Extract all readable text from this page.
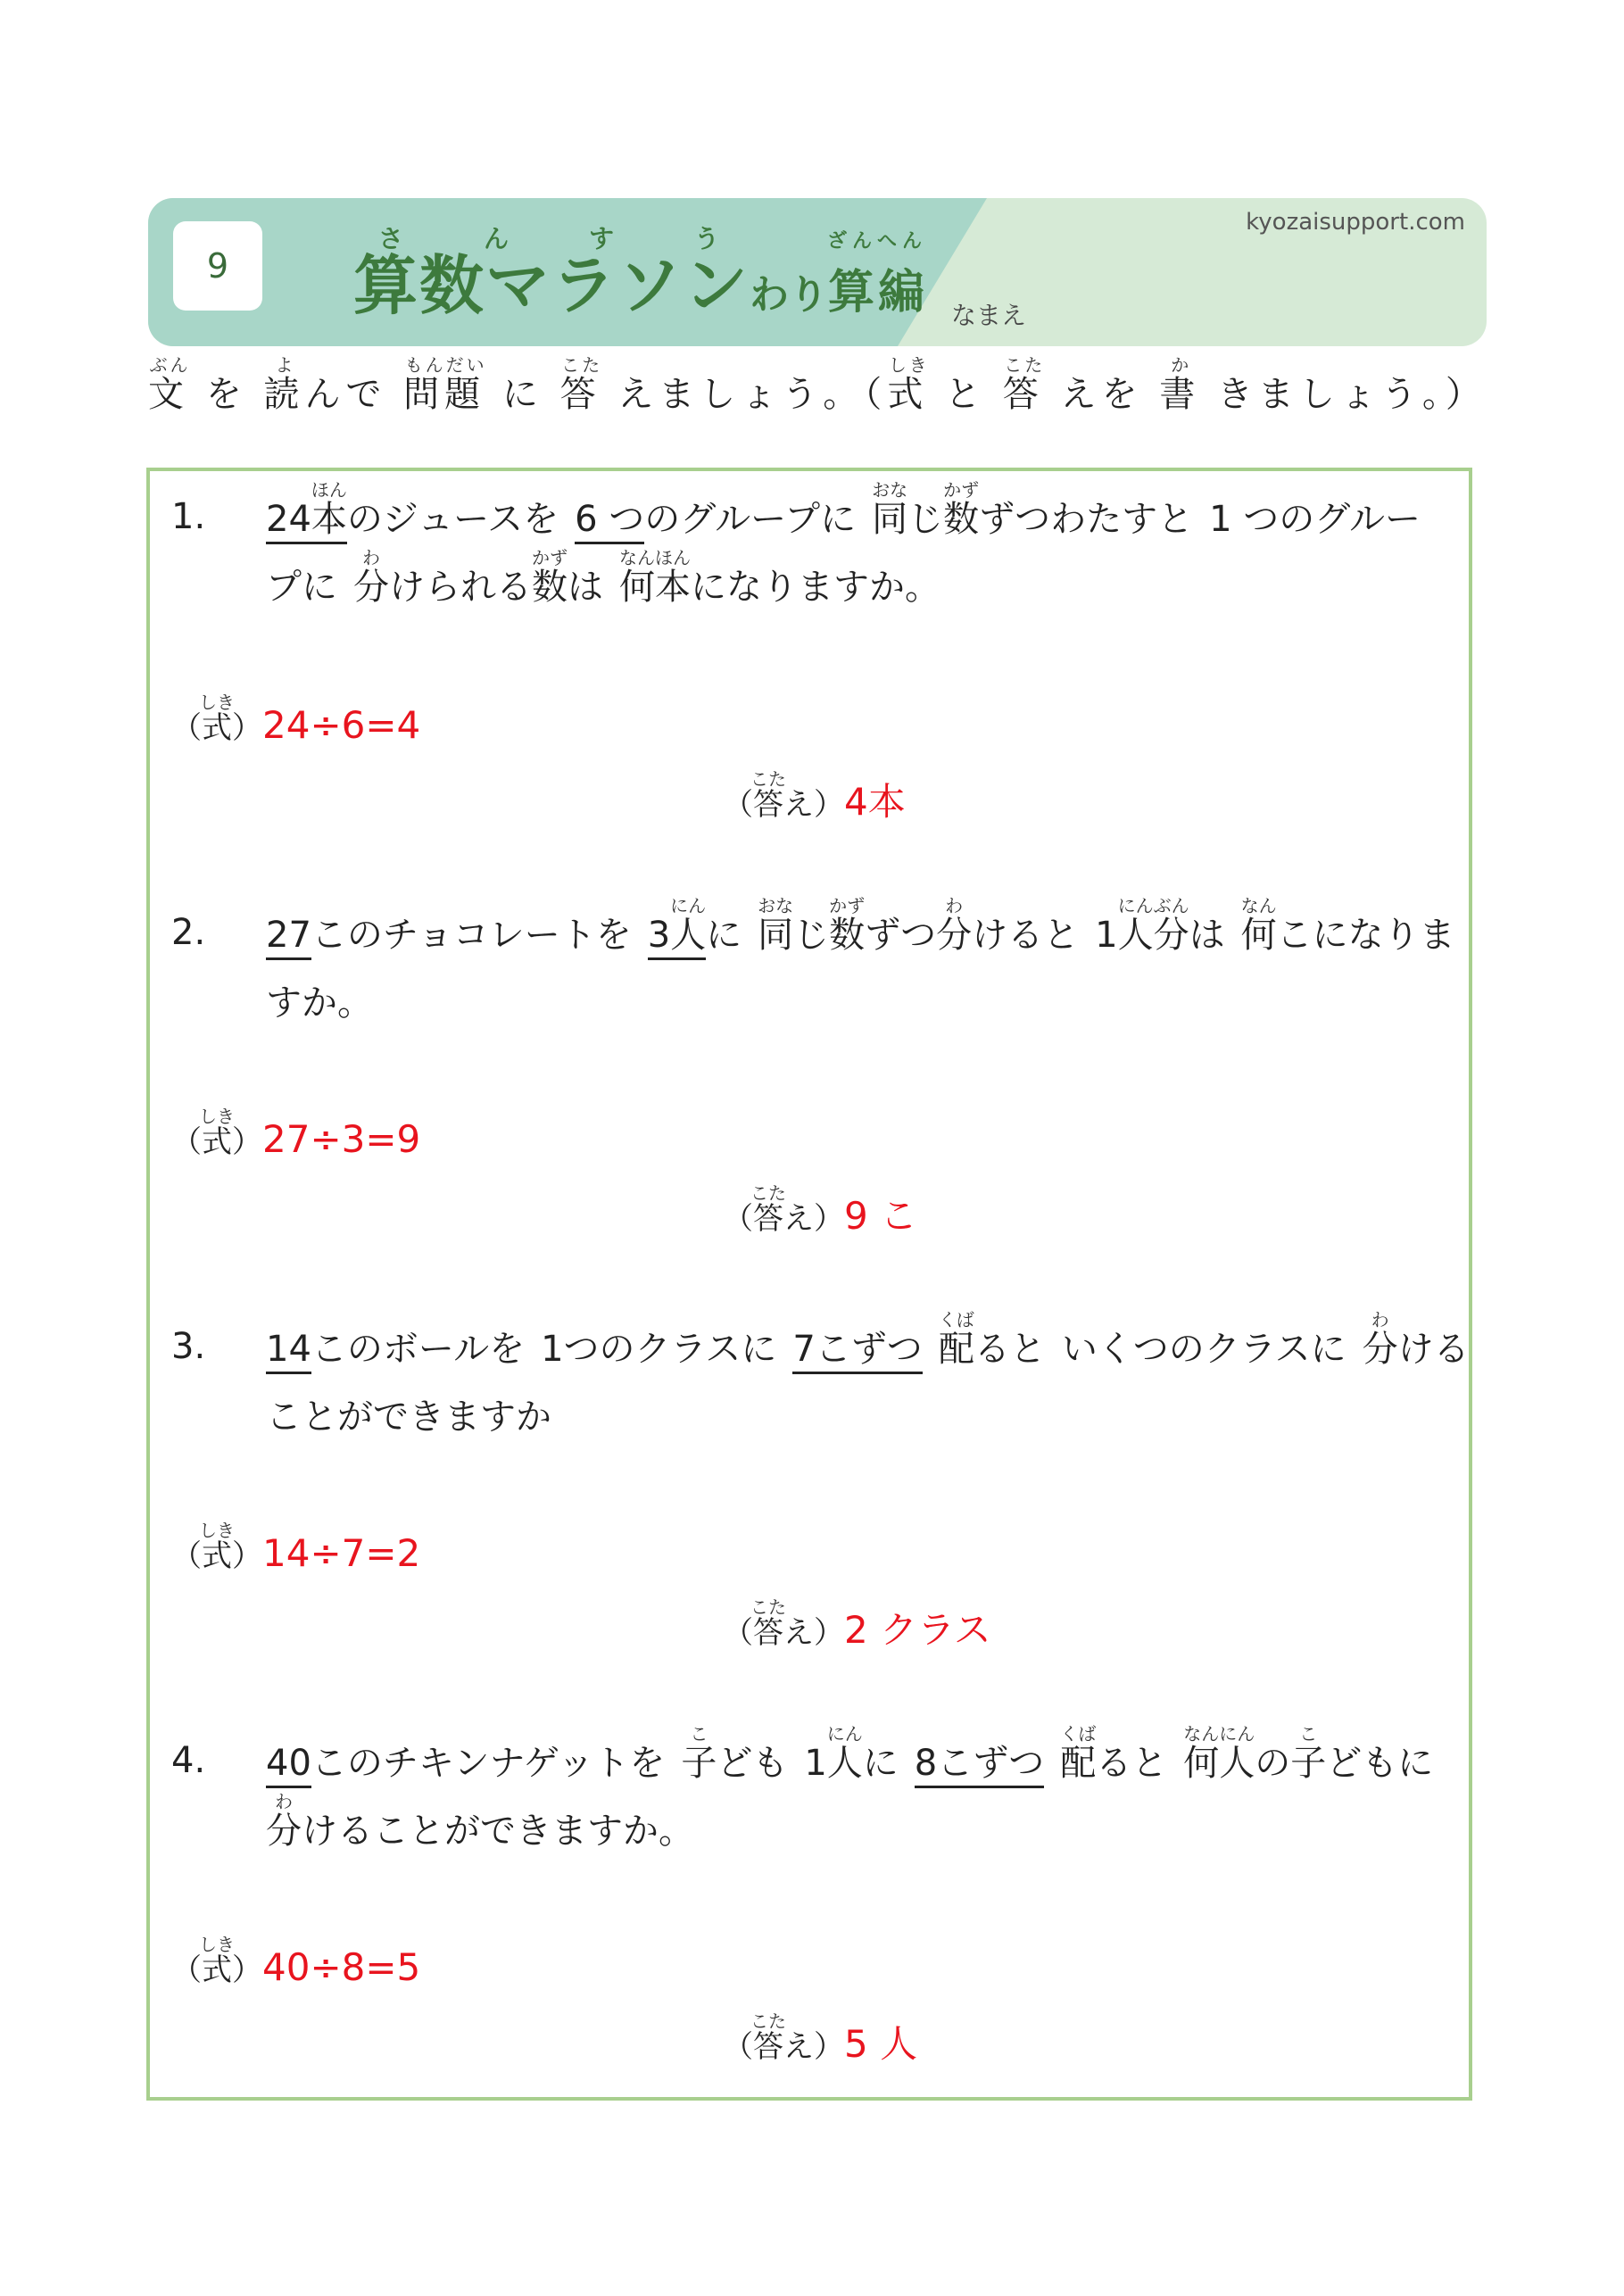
9	算数マラソンさんすうわり算ざん編へん
kyozaisupport.com
なまえ
文ぶん を 読よんで 問題もんだい に 答こた えましょう。（式しき と 答こた えを 書か きましょう。）
1. 24本ほんのジュースを 6 つのグループに 同おなじ数かずずつわたすと 1 つのグルー
プに 分わけられる数かずは 何本なんほんになりますか。
（式しき）24÷6=4
（答こたえ）4本
2. 27このチョコレートを 3人にんに 同おなじ数かずずつ分わけると 1人分にんぶんは 何なんこになりま
すか。
（式しき）27÷3=9
（答こたえ）9 こ
3. 14このボールを 1つのクラスに 7こずつ 配くばると いくつのクラスに 分わける
ことができますか
（式しき）14÷7=2
（答こたえ）2 クラス
4. 40このチキンナゲットを 子こども 1人にんに 8こずつ 配くばると 何人なんにんの子こどもに
分わけることができますか。
（式しき）40÷8=5
（答こたえ）5 人
